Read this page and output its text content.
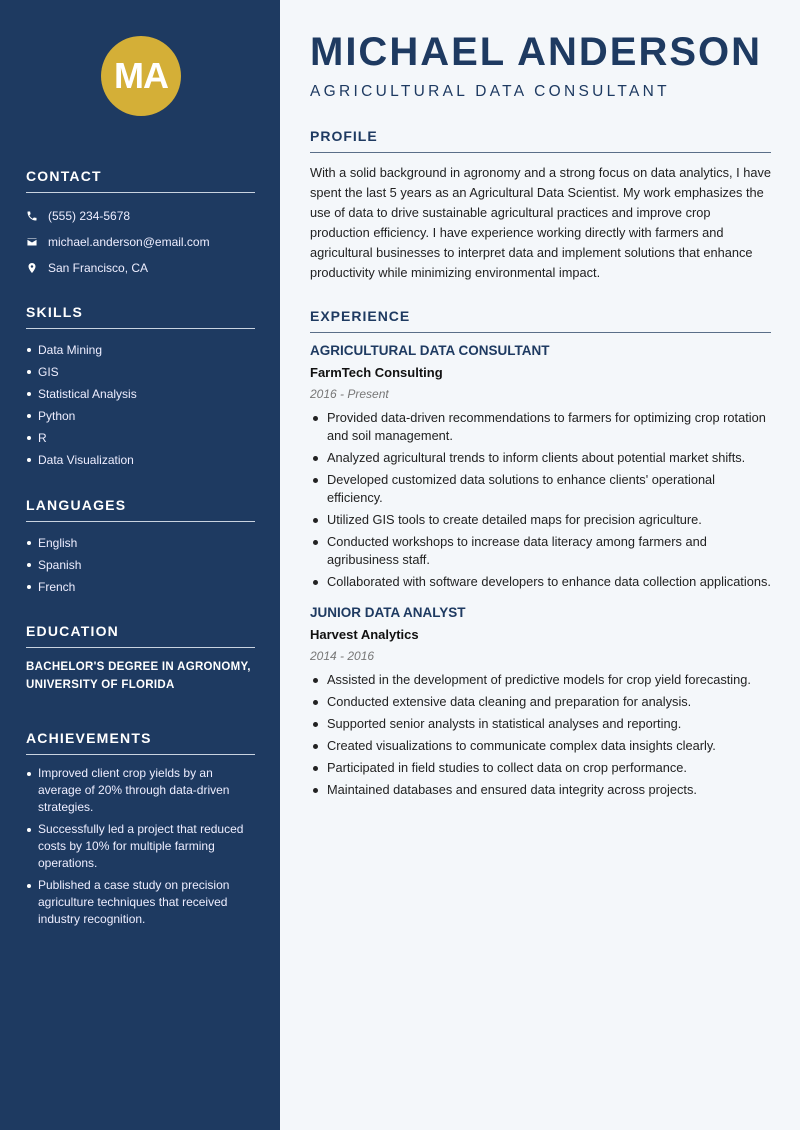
MA
CONTACT
(555) 234-5678
michael.anderson@email.com
San Francisco, CA
SKILLS
Data Mining
GIS
Statistical Analysis
Python
R
Data Visualization
LANGUAGES
English
Spanish
French
EDUCATION
BACHELOR'S DEGREE IN AGRONOMY, UNIVERSITY OF FLORIDA
ACHIEVEMENTS
Improved client crop yields by an average of 20% through data-driven strategies.
Successfully led a project that reduced costs by 10% for multiple farming operations.
Published a case study on precision agriculture techniques that received industry recognition.
MICHAEL ANDERSON
AGRICULTURAL DATA CONSULTANT
PROFILE
With a solid background in agronomy and a strong focus on data analytics, I have spent the last 5 years as an Agricultural Data Scientist. My work emphasizes the use of data to drive sustainable agricultural practices and improve crop production efficiency. I have experience working directly with farmers and agricultural businesses to interpret data and implement solutions that enhance productivity while minimizing environmental impact.
EXPERIENCE
AGRICULTURAL DATA CONSULTANT
FarmTech Consulting
2016 - Present
Provided data-driven recommendations to farmers for optimizing crop rotation and soil management.
Analyzed agricultural trends to inform clients about potential market shifts.
Developed customized data solutions to enhance clients' operational efficiency.
Utilized GIS tools to create detailed maps for precision agriculture.
Conducted workshops to increase data literacy among farmers and agribusiness staff.
Collaborated with software developers to enhance data collection applications.
JUNIOR DATA ANALYST
Harvest Analytics
2014 - 2016
Assisted in the development of predictive models for crop yield forecasting.
Conducted extensive data cleaning and preparation for analysis.
Supported senior analysts in statistical analyses and reporting.
Created visualizations to communicate complex data insights clearly.
Participated in field studies to collect data on crop performance.
Maintained databases and ensured data integrity across projects.
